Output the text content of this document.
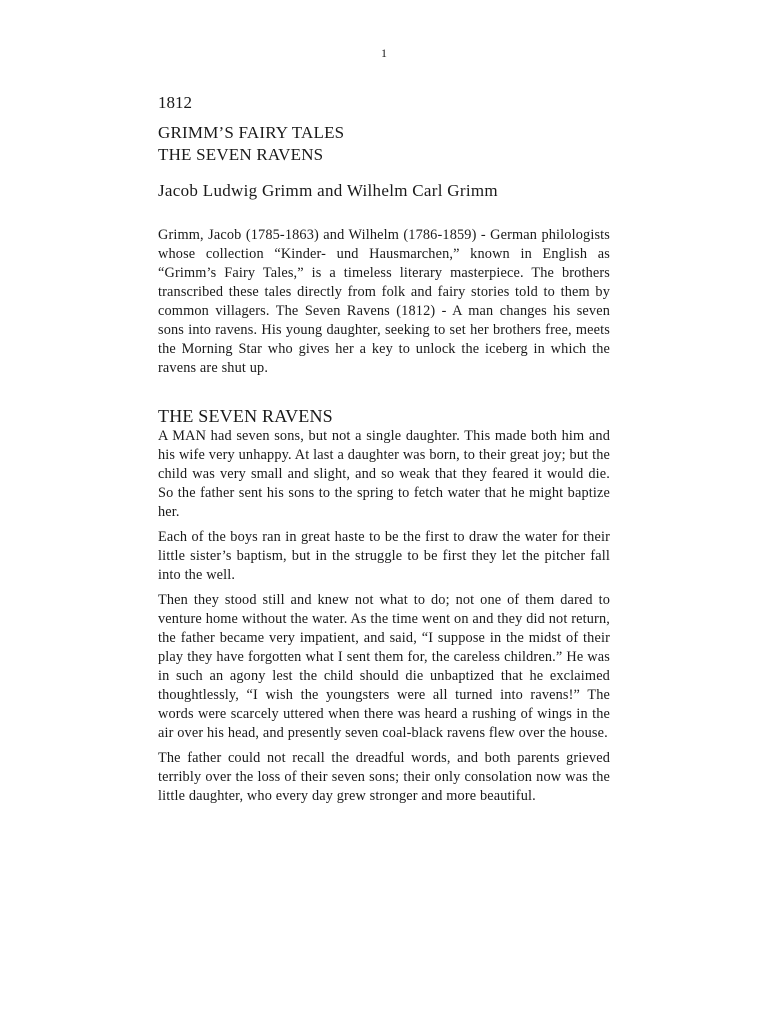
1
1812
GRIMM’S FAIRY TALES
THE SEVEN RAVENS
Jacob Ludwig Grimm and Wilhelm Carl Grimm

Grimm, Jacob (1785-1863) and Wilhelm (1786-1859) - German philologists whose collection “Kinder- und Hausmarchen,” known in English as “Grimm’s Fairy Tales,” is a timeless literary masterpiece. The brothers transcribed these tales directly from folk and fairy stories told to them by common villagers. The Seven Ravens (1812) - A man changes his seven sons into ravens. His young daughter, seeking to set her brothers free, meets the Morning Star who gives her a key to unlock the iceberg in which the ravens are shut up.

THE SEVEN RAVENS

A MAN had seven sons, but not a single daughter. This made both him and his wife very unhappy. At last a daughter was born, to their great joy; but the child was very small and slight, and so weak that they feared it would die. So the father sent his sons to the spring to fetch water that he might baptize her.

Each of the boys ran in great haste to be the first to draw the water for their little sister’s baptism, but in the struggle to be first they let the pitcher fall into the well.

Then they stood still and knew not what to do; not one of them dared to venture home without the water. As the time went on and they did not return, the father became very impatient, and said, “I suppose in the midst of their play they have forgotten what I sent them for, the careless children.” He was in such an agony lest the child should die unbaptized that he exclaimed thoughtlessly, “I wish the youngsters were all turned into ravens!” The words were scarcely uttered when there was heard a rushing of wings in the air over his head, and presently seven coal-black ravens flew over the house.

The father could not recall the dreadful words, and both parents grieved terribly over the loss of their seven sons; their only consolation now was the little daughter, who every day grew stronger and more beautiful.
